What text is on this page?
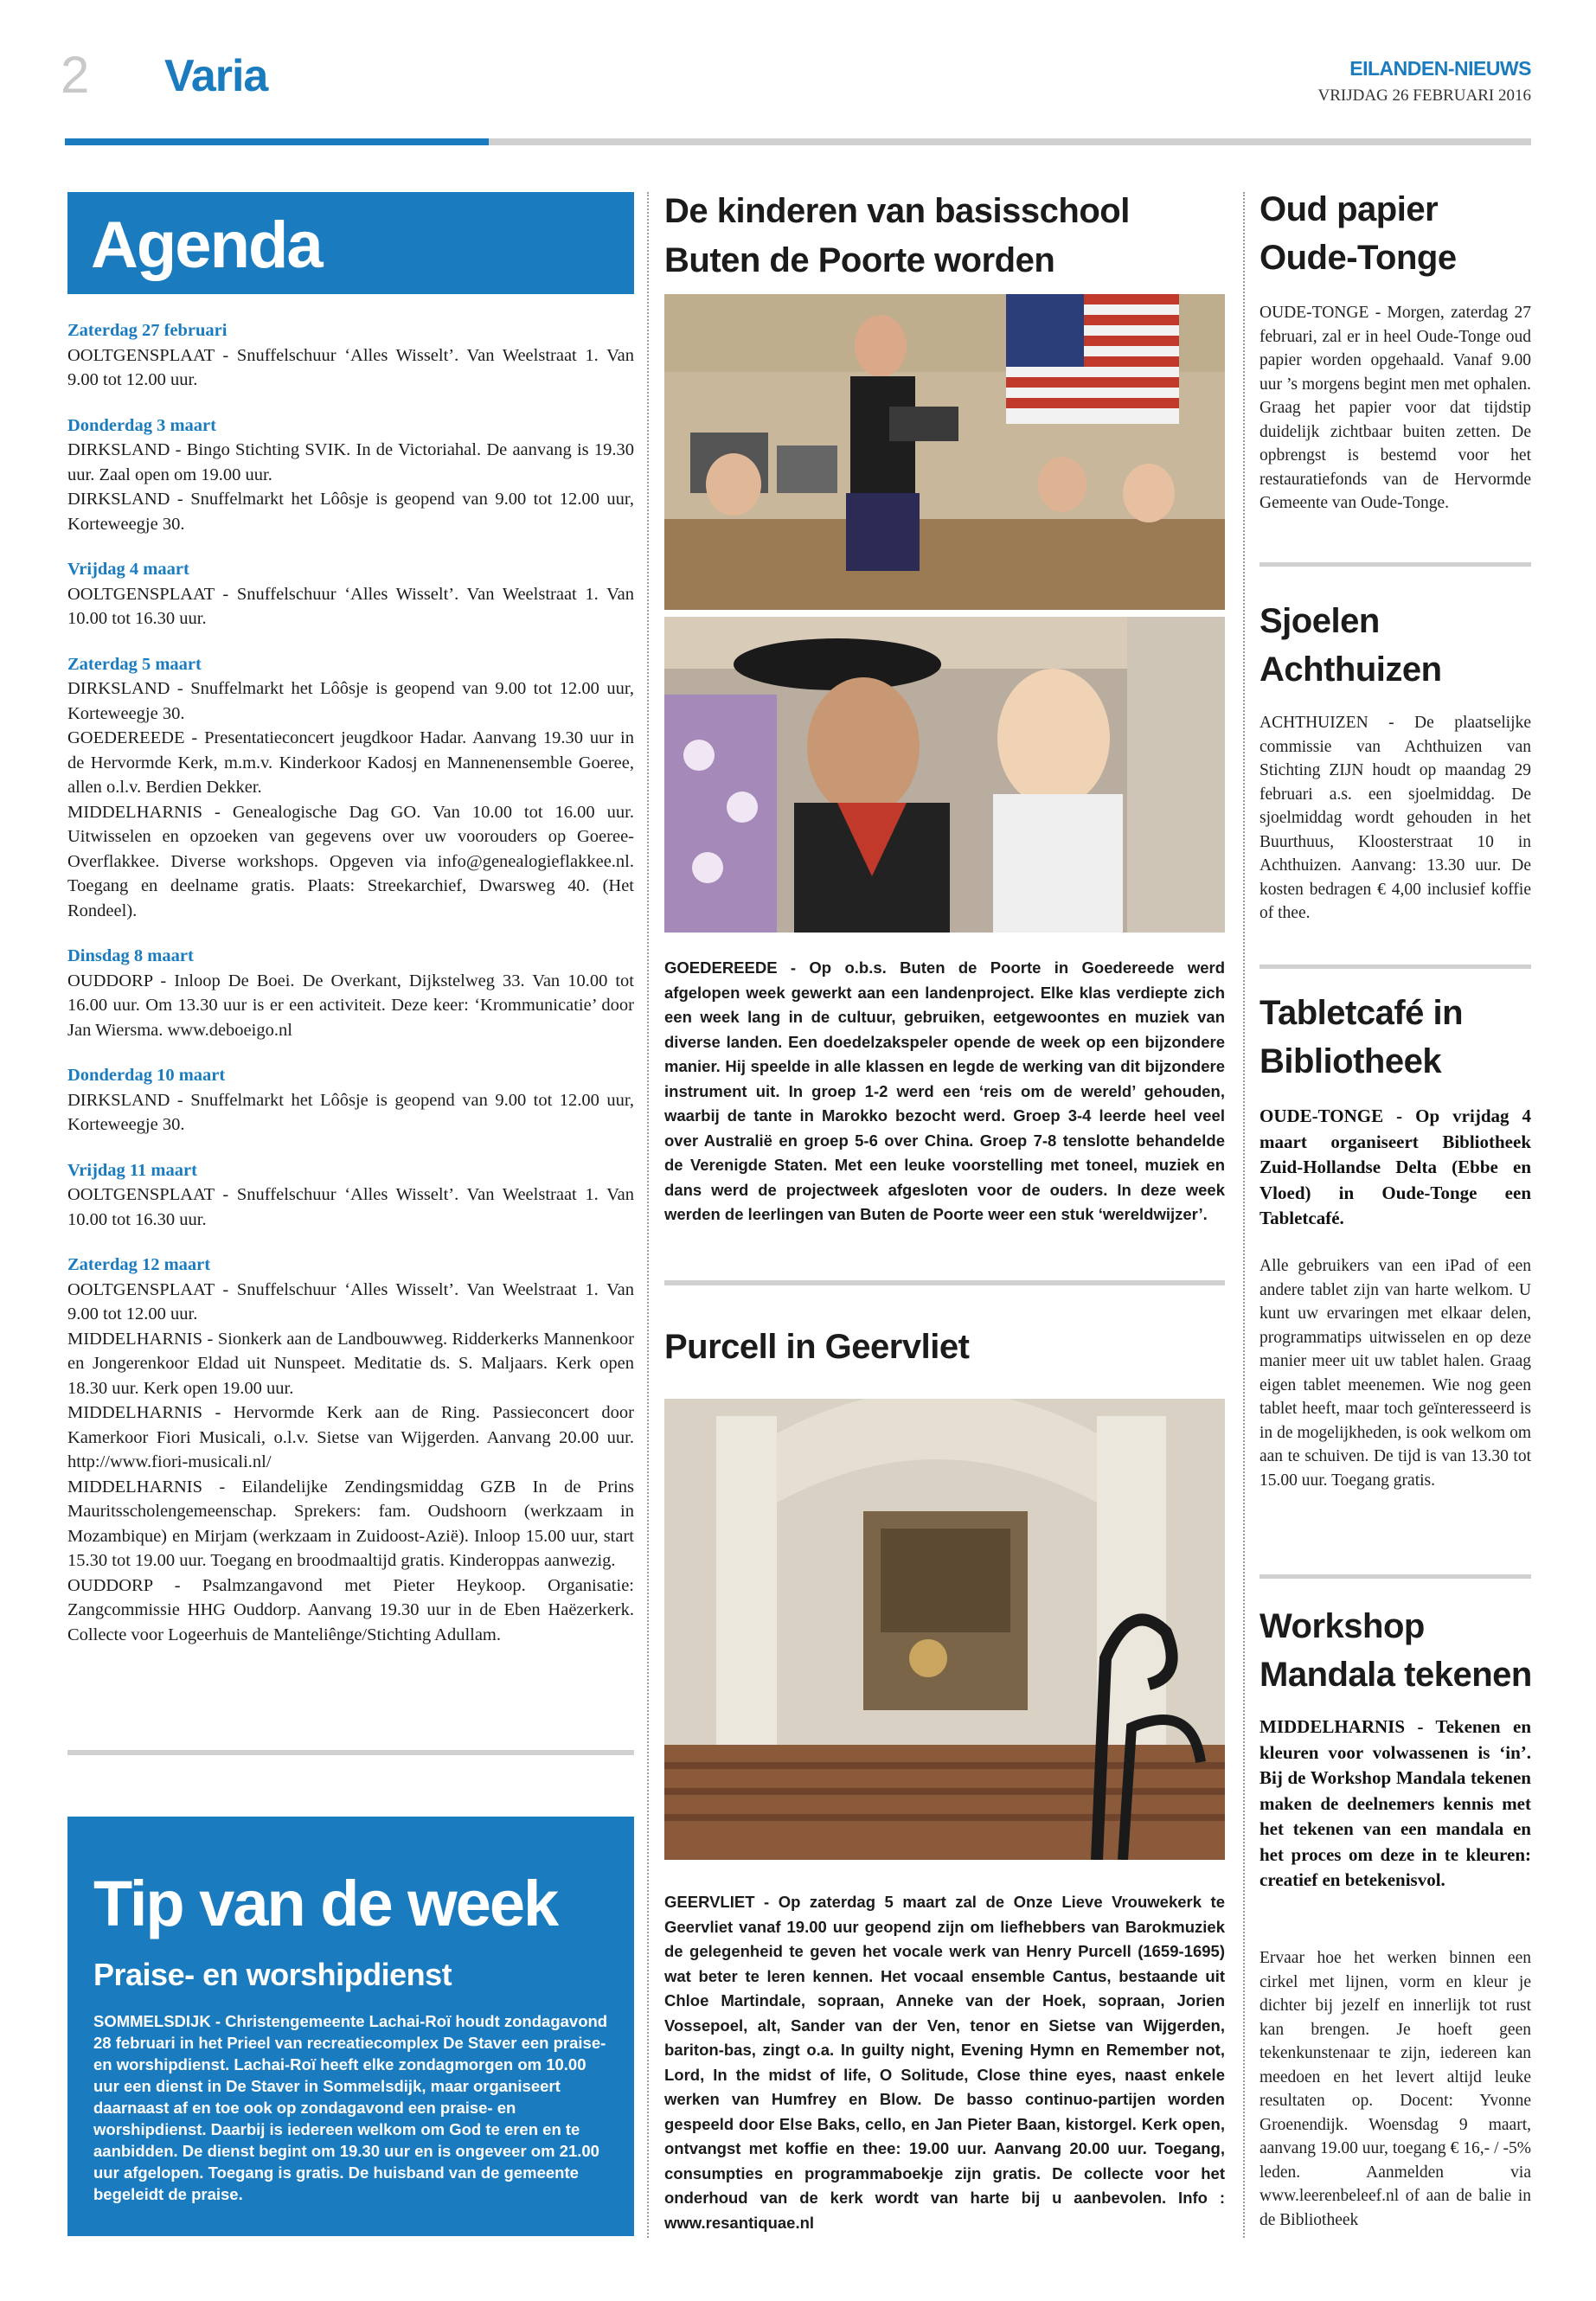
2 Varia	EILANDEN-NIEUWS
VRIJDAG 26 FEBRUARI 2016
Agenda
Zaterdag 27 februari
OOLTGENSPLAAT - Snuffelschuur ‘Alles Wisselt’. Van Weelstraat 1. Van 9.00 tot 12.00 uur.
Donderdag 3 maart
DIRKSLAND - Bingo Stichting SVIK. In de Victoriahal. De aanvang is 19.30 uur. Zaal open om 19.00 uur.
DIRKSLAND - Snuffelmarkt het Lôôsje is geopend van 9.00 tot 12.00 uur, Korteweegje 30.
Vrijdag 4 maart
OOLTGENSPLAAT - Snuffelschuur ‘Alles Wisselt’. Van Weelstraat 1. Van 10.00 tot 16.30 uur.
Zaterdag 5 maart
DIRKSLAND - Snuffelmarkt het Lôôsje is geopend van 9.00 tot 12.00 uur, Korteweegje 30.
GOEDEREEDE - Presentatieconcert jeugdkoor Hadar. Aanvang 19.30 uur in de Hervormde Kerk, m.m.v. Kinderkoor Kadosj en Mannenensemble Goeree, allen o.l.v. Berdien Dekker.
MIDDELHARNIS - Genealogische Dag GO. Van 10.00 tot 16.00 uur. Uitwisselen en opzoeken van gegevens over uw voorouders op Goeree-Overflakkee. Diverse workshops. Opgeven via info@genealogieflakkee.nl. Toegang en deelname gratis. Plaats: Streekarchief, Dwarsweg 40. (Het Rondeel).
Dinsdag 8 maart
OUDDORP - Inloop De Boei. De Overkant, Dijkstelweg 33. Van 10.00 tot 16.00 uur. Om 13.30 uur is er een activiteit. Deze keer: ‘Krommunicatie’ door Jan Wiersma. www.deboeigo.nl
Donderdag 10 maart
DIRKSLAND - Snuffelmarkt het Lôôsje is geopend van 9.00 tot 12.00 uur, Korteweegje 30.
Vrijdag 11 maart
OOLTGENSPLAAT - Snuffelschuur ‘Alles Wisselt’. Van Weelstraat 1. Van 10.00 tot 16.30 uur.
Zaterdag 12 maart
OOLTGENSPLAAT - Snuffelschuur ‘Alles Wisselt’. Van Weelstraat 1. Van 9.00 tot 12.00 uur.
MIDDELHARNIS - Sionkerk aan de Landbouwweg. Ridderkerks Mannenkoor en Jongerenkoor Eldad uit Nunspeet. Meditatie ds. S. Maljaars. Kerk open 18.30 uur. Kerk open 19.00 uur.
MIDDELHARNIS - Hervormde Kerk aan de Ring. Passieconcert door Kamerkoor Fiori Musicali, o.l.v. Sietse van Wijgerden. Aanvang 20.00 uur. http://www.fiori-musicali.nl/
MIDDELHARNIS - Eilandelijke Zendingsmiddag GZB In de Prins Mauritsscholengemeenschap. Sprekers: fam. Oudshoorn (werkzaam in Mozambique) en Mirjam (werkzaam in Zuidoost-Azië). Inloop 15.00 uur, start 15.30 tot 19.00 uur. Toegang en broodmaaltijd gratis. Kinderoppas aanwezig.
OUDDORP - Psalmzangavond met Pieter Heykoop. Organisatie: Zangcommissie HHG Ouddorp. Aanvang 19.30 uur in de Eben Haëzerkerk. Collecte voor Logeerhuis de Manteliênge/Stichting Adullam.
Tip van de week
Praise- en worshipdienst
SOMMELSDIJK - Christengemeente Lachai-Roï houdt zondagavond 28 februari in het Prieel van recreatiecomplex De Staver een praise- en worshipdienst. Lachai-Roï heeft elke zondagmorgen om 10.00 uur een dienst in De Staver in Sommelsdijk, maar organiseert daarnaast af en toe ook op zondagavond een praise- en worshipdienst. Daarbij is iedereen welkom om God te eren en te aanbidden. De dienst begint om 19.30 uur en is ongeveer om 21.00 uur afgelopen. Toegang is gratis. De huisband van de gemeente begeleidt de praise.
De kinderen van basisschool Buten de Poorte worden
GOEDEREEDE - Op o.b.s. Buten de Poorte in Goedereede werd afgelopen week gewerkt aan een landenproject. Elke klas verdiepte zich een week lang in de cultuur, gebruiken, eetgewoontes en muziek van diverse landen. Een doedelzakspeler opende de week op een bijzondere manier. Hij speelde in alle klassen en legde de werking van dit bijzondere instrument uit. In groep 1-2 werd een ‘reis om de wereld’ gehouden, waarbij de tante in Marokko bezocht werd. Groep 3-4 leerde heel veel over Australië en groep 5-6 over China. Groep 7-8 tenslotte behandelde de Verenigde Staten. Met een leuke voorstelling met toneel, muziek en dans werd de projectweek afgesloten voor de ouders. In deze week werden de leerlingen van Buten de Poorte weer een stuk ‘wereldwijzer’.
Purcell in Geervliet
GEERVLIET - Op zaterdag 5 maart zal de Onze Lieve Vrouwekerk te Geervliet vanaf 19.00 uur geopend zijn om liefhebbers van Barokmuziek de gelegenheid te geven het vocale werk van Henry Purcell (1659-1695) wat beter te leren kennen. Het vocaal ensemble Cantus, bestaande uit Chloe Martindale, sopraan, Anneke van der Hoek, sopraan, Jorien Vossepoel, alt, Sander van der Ven, tenor en Sietse van Wijgerden, bariton-bas, zingt o.a. In guilty night, Evening Hymn en Remember not, Lord, In the midst of life, O Solitude, Close thine eyes, naast enkele werken van Humfrey en Blow. De basso continuo-partijen worden gespeeld door Else Baks, cello, en Jan Pieter Baan, kistorgel. Kerk open, ontvangst met koffie en thee: 19.00 uur. Aanvang 20.00 uur. Toegang, consumpties en programmaboekje zijn gratis. De collecte voor het onderhoud van de kerk wordt van harte bij u aanbevolen. Info : www.resantiquae.nl
Oud papier Oude-Tonge
OUDE-TONGE - Morgen, zaterdag 27 februari, zal er in heel Oude-Tonge oud papier worden opgehaald. Vanaf 9.00 uur ’s morgens begint men met ophalen. Graag het papier voor dat tijdstip duidelijk zichtbaar buiten zetten. De opbrengst is bestemd voor het restauratiefonds van de Hervormde Gemeente van Oude-Tonge.
Sjoelen Achthuizen
ACHTHUIZEN - De plaatselijke commissie van Achthuizen van Stichting ZIJN houdt op maandag 29 februari a.s. een sjoelmiddag. De sjoelmiddag wordt gehouden in het Buurthuus, Kloosterstraat 10 in Achthuizen. Aanvang: 13.30 uur. De kosten bedragen € 4,00 inclusief koffie of thee.
Tabletcafé in Bibliotheek
OUDE-TONGE - Op vrijdag 4 maart organiseert Bibliotheek Zuid-Hollandse Delta (Ebbe en Vloed) in Oude-Tonge een Tabletcafé.
Alle gebruikers van een iPad of een andere tablet zijn van harte welkom. U kunt uw ervaringen met elkaar delen, programmatips uitwisselen en op deze manier meer uit uw tablet halen. Graag eigen tablet meenemen. Wie nog geen tablet heeft, maar toch geïnteresseerd is in de mogelijkheden, is ook welkom om aan te schuiven. De tijd is van 13.30 tot 15.00 uur. Toegang gratis.
Workshop Mandala tekenen
MIDDELHARNIS - Tekenen en kleuren voor volwassenen is ‘in’. Bij de Workshop Mandala tekenen maken de deelnemers kennis met het tekenen van een mandala en het proces om deze in te kleuren: creatief en betekenisvol.
Ervaar hoe het werken binnen een cirkel met lijnen, vorm en kleur je dichter bij jezelf en innerlijk tot rust kan brengen. Je hoeft geen tekenkunstenaar te zijn, iedereen kan meedoen en het levert altijd leuke resultaten op. Docent: Yvonne Groenendijk. Woensdag 9 maart, aanvang 19.00 uur, toegang € 16,- / -5% leden. Aanmelden via www.leerenbeleef.nl of aan de balie in de Bibliotheek
